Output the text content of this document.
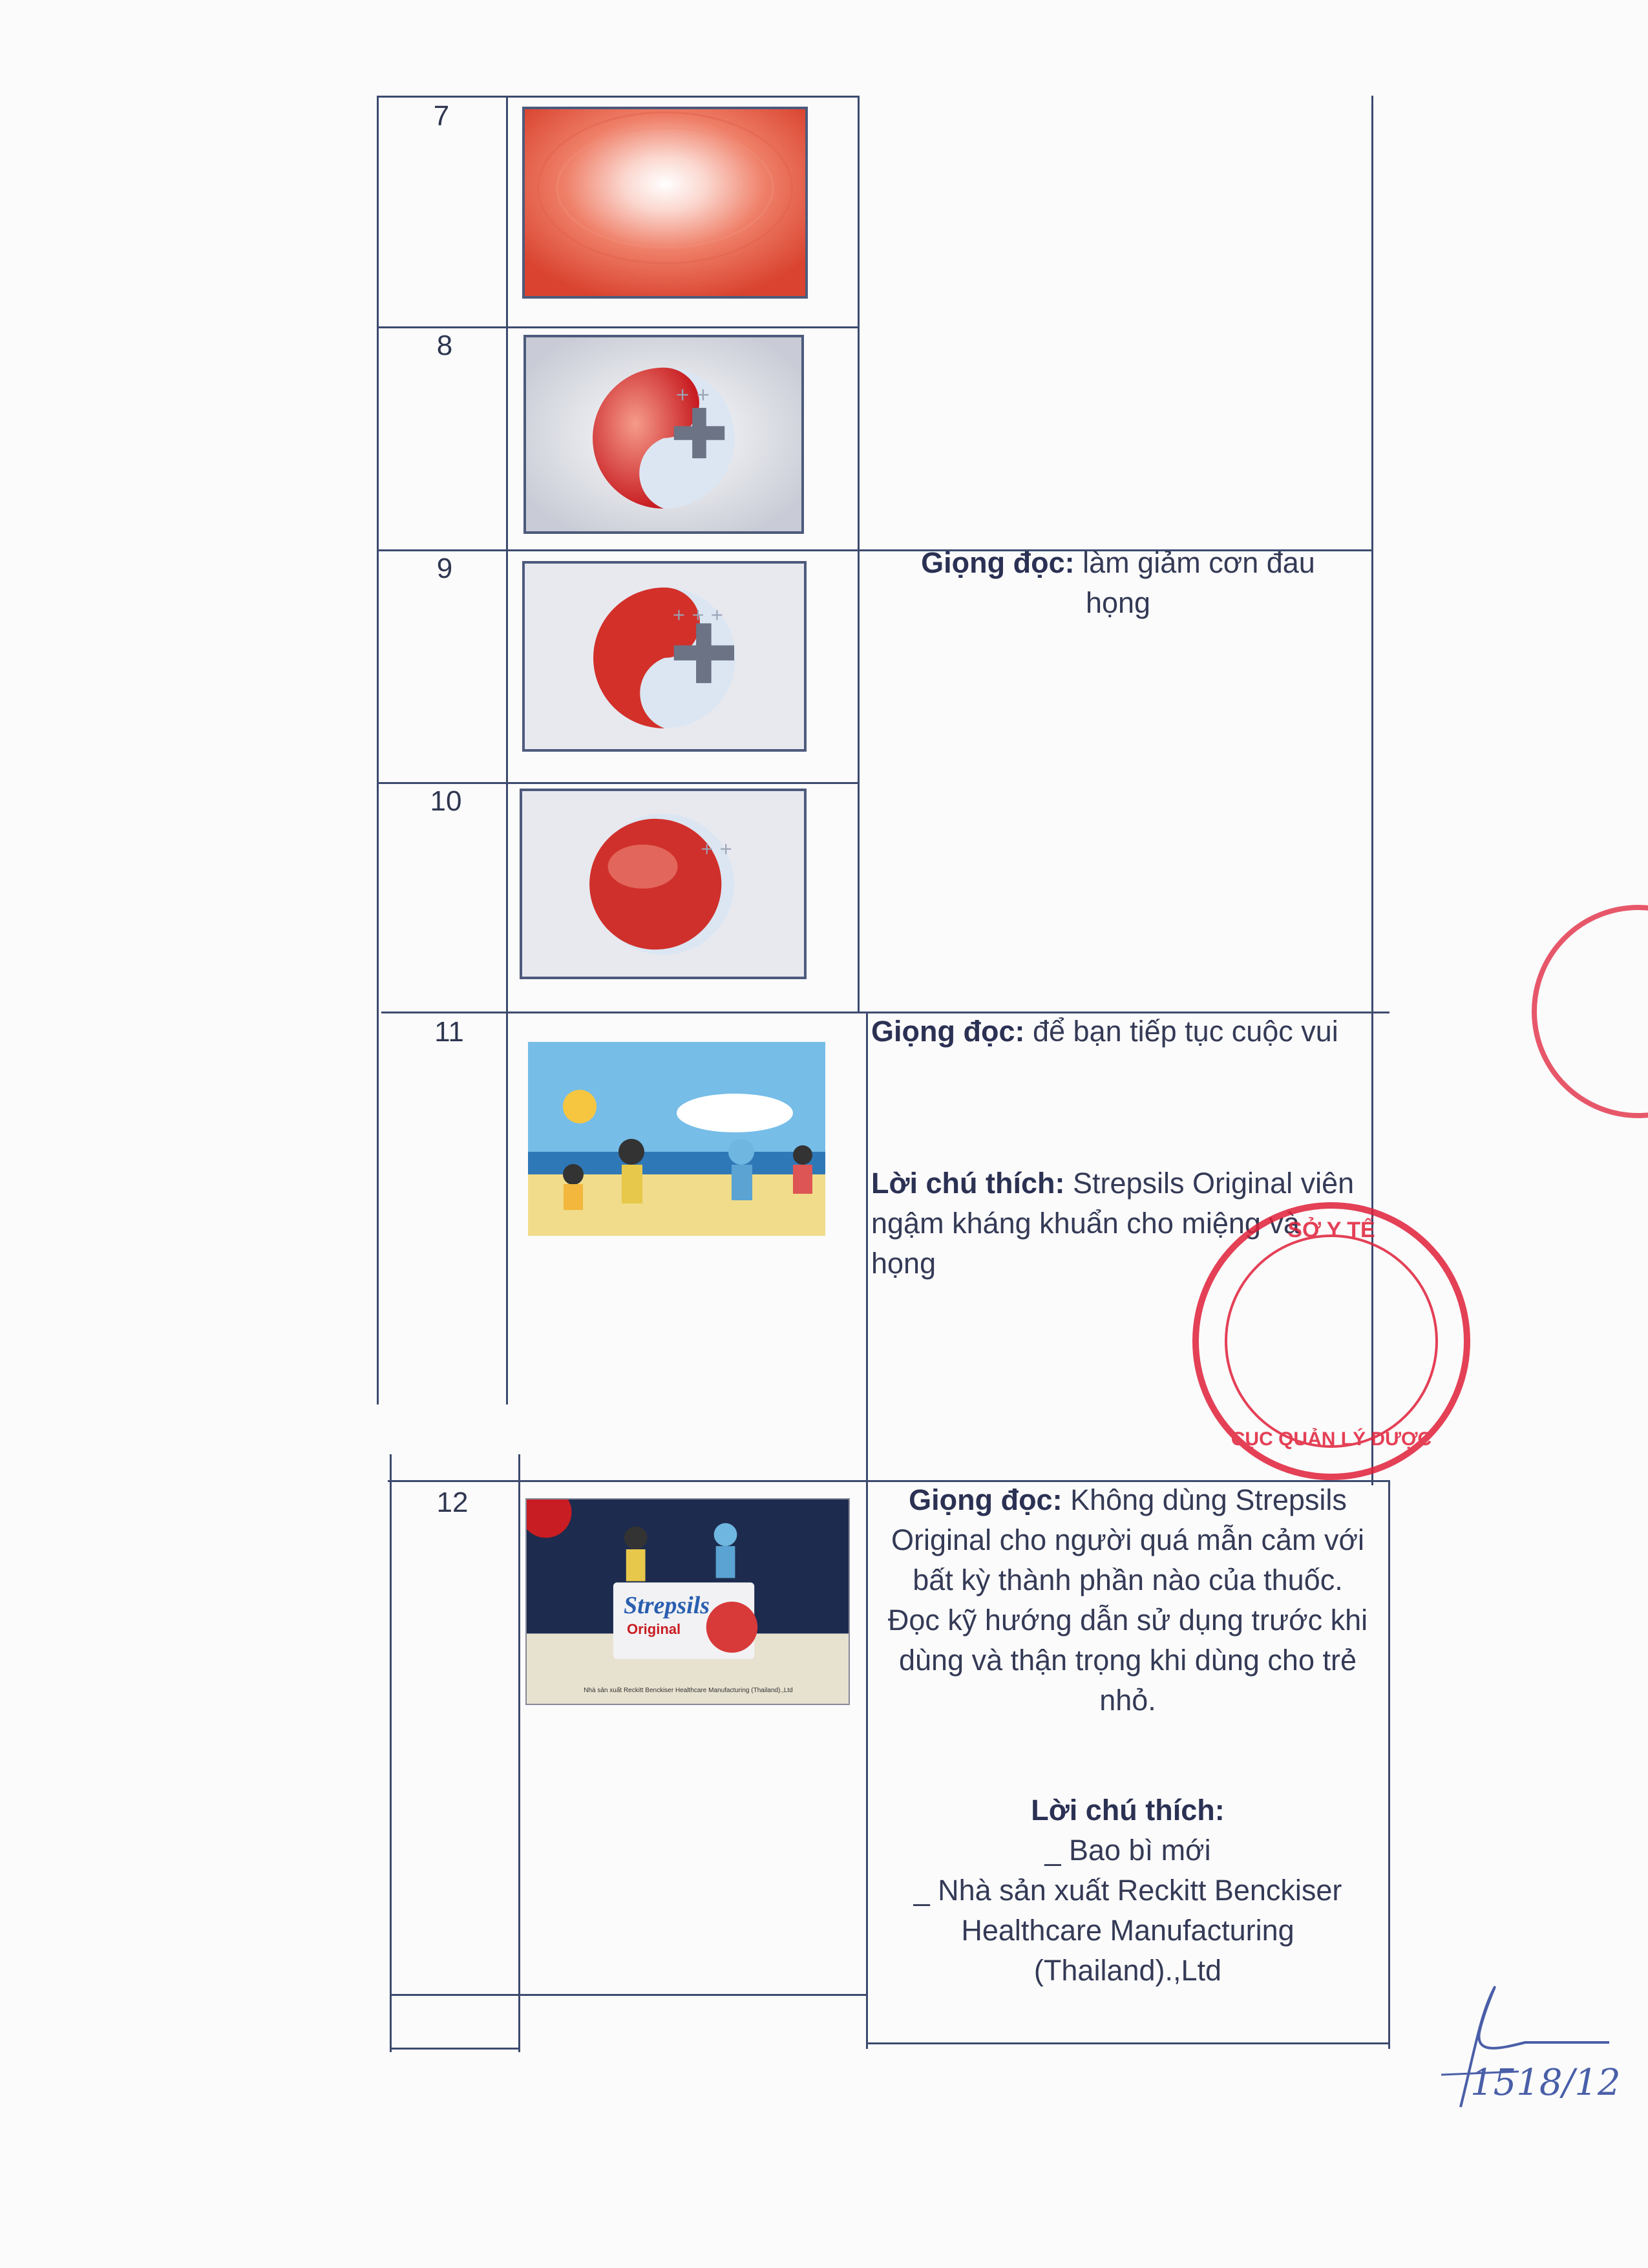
7
8
9
10
11
12
+ +
+ + +
+ +
Strepsils
Original
Nhà sản xuất Reckitt Benckiser Healthcare Manufacturing (Thailand).,Ltd
Giọng đọc: làm giảm cơn đau họng
Giọng đọc: để bạn tiếp tục cuộc vui
Lời chú thích: Strepsils Original viên ngậm kháng khuẩn cho miệng và họng
Giọng đọc: Không dùng Strepsils Original cho người quá mẫn cảm với bất kỳ thành phần nào của thuốc. Đọc kỹ hướng dẫn sử dụng trước khi dùng và thận trọng khi dùng cho trẻ nhỏ.
Lời chú thích:
_ Bao bì mới
_ Nhà sản xuất Reckitt Benckiser Healthcare Manufacturing (Thailand).,Ltd
SỞ Y TẾ
CỤC QUẢN LÝ DƯỢC
1518/12
